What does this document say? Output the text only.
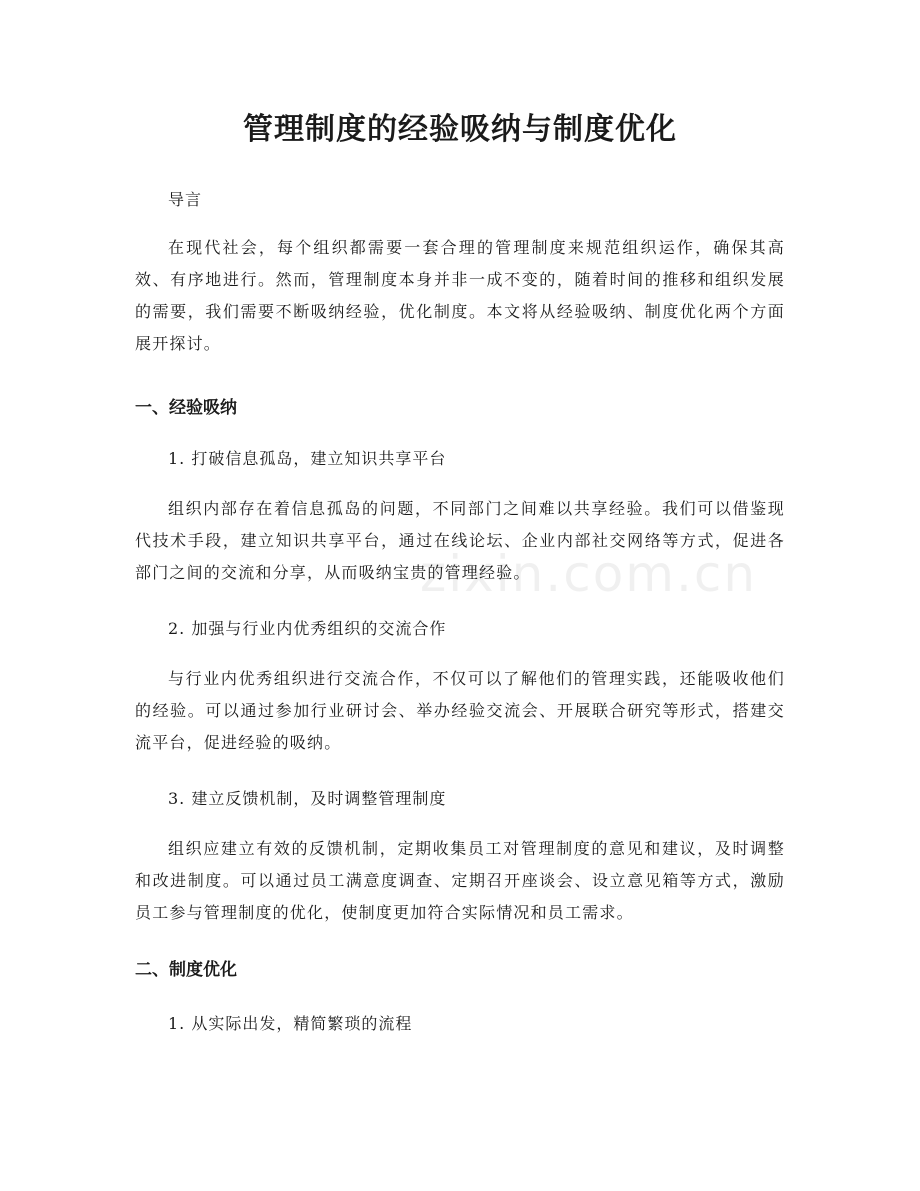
管理制度的经验吸纳与制度优化

导言

在现代社会，每个组织都需要一套合理的管理制度来规范组织运作，确保其高效、有序地进行。然而，管理制度本身并非一成不变的，随着时间的推移和组织发展的需要，我们需要不断吸纳经验，优化制度。本文将从经验吸纳、制度优化两个方面展开探讨。

一、经验吸纳

1. 打破信息孤岛，建立知识共享平台

组织内部存在着信息孤岛的问题，不同部门之间难以共享经验。我们可以借鉴现代技术手段，建立知识共享平台，通过在线论坛、企业内部社交网络等方式，促进各部门之间的交流和分享，从而吸纳宝贵的管理经验。

2. 加强与行业内优秀组织的交流合作

与行业内优秀组织进行交流合作，不仅可以了解他们的管理实践，还能吸收他们的经验。可以通过参加行业研讨会、举办经验交流会、开展联合研究等形式，搭建交流平台，促进经验的吸纳。

3. 建立反馈机制，及时调整管理制度

组织应建立有效的反馈机制，定期收集员工对管理制度的意见和建议，及时调整和改进制度。可以通过员工满意度调查、定期召开座谈会、设立意见箱等方式，激励员工参与管理制度的优化，使制度更加符合实际情况和员工需求。

二、制度优化

1. 从实际出发，精简繁琐的流程

zixin.com.cn
